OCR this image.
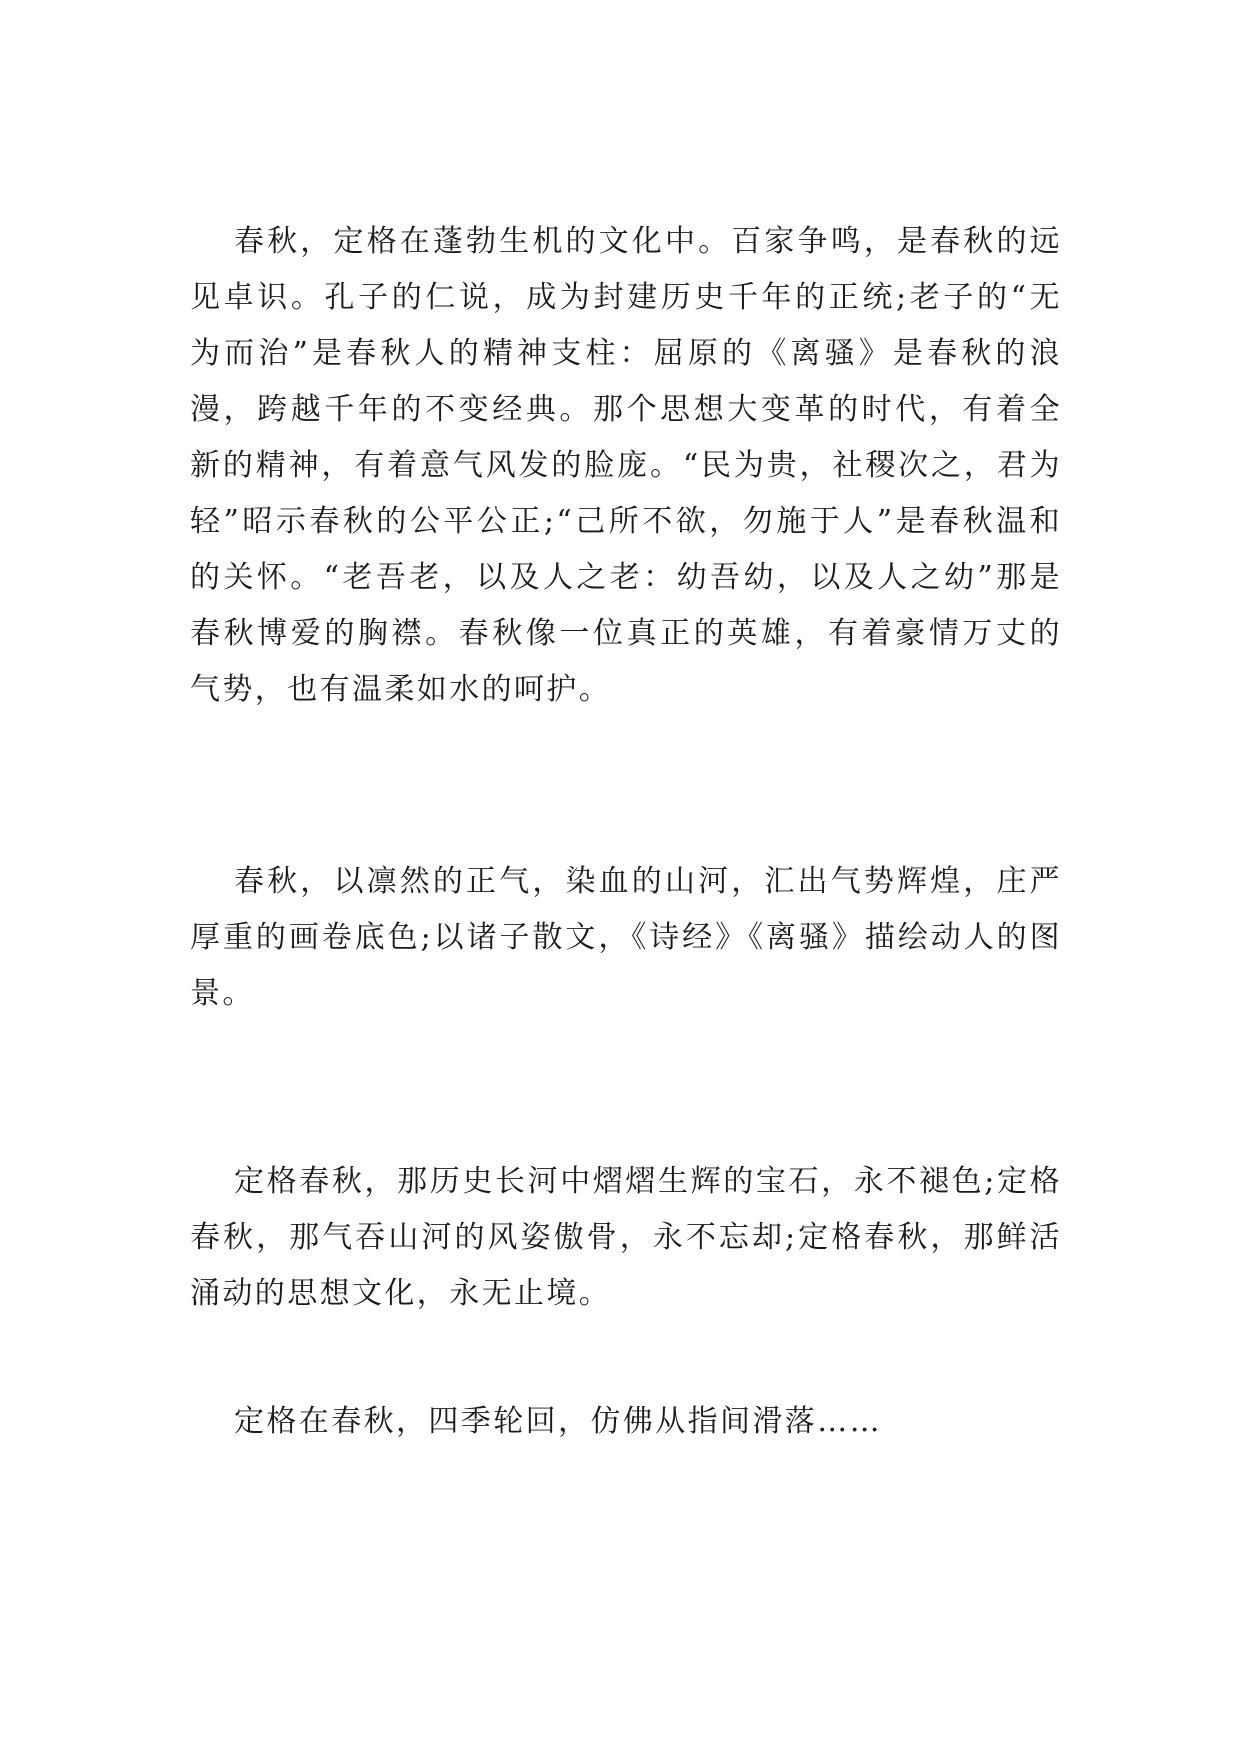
春秋，定格在蓬勃生机的文化中。百家争鸣，是春秋的远见卓识。孔子的仁说，成为封建历史千年的正统;老子的“无为而治”是春秋人的精神支柱：屈原的《离骚》是春秋的浪漫，跨越千年的不变经典。那个思想大变革的时代，有着全新的精神，有着意气风发的脸庞。“民为贵，社稷次之，君为轻”昭示春秋的公平公正;“己所不欲，勿施于人”是春秋温和的关怀。“老吾老，以及人之老：幼吾幼，以及人之幼”那是春秋博爱的胸襟。春秋像一位真正的英雄，有着豪情万丈的气势，也有温柔如水的呵护。

春秋，以凛然的正气，染血的山河，汇出气势辉煌，庄严厚重的画卷底色;以诸子散文，《诗经》《离骚》描绘动人的图景。

定格春秋，那历史长河中熠熠生辉的宝石，永不褪色;定格春秋，那气吞山河的风姿傲骨，永不忘却;定格春秋，那鲜活涌动的思想文化，永无止境。

定格在春秋，四季轮回，仿佛从指间滑落……
